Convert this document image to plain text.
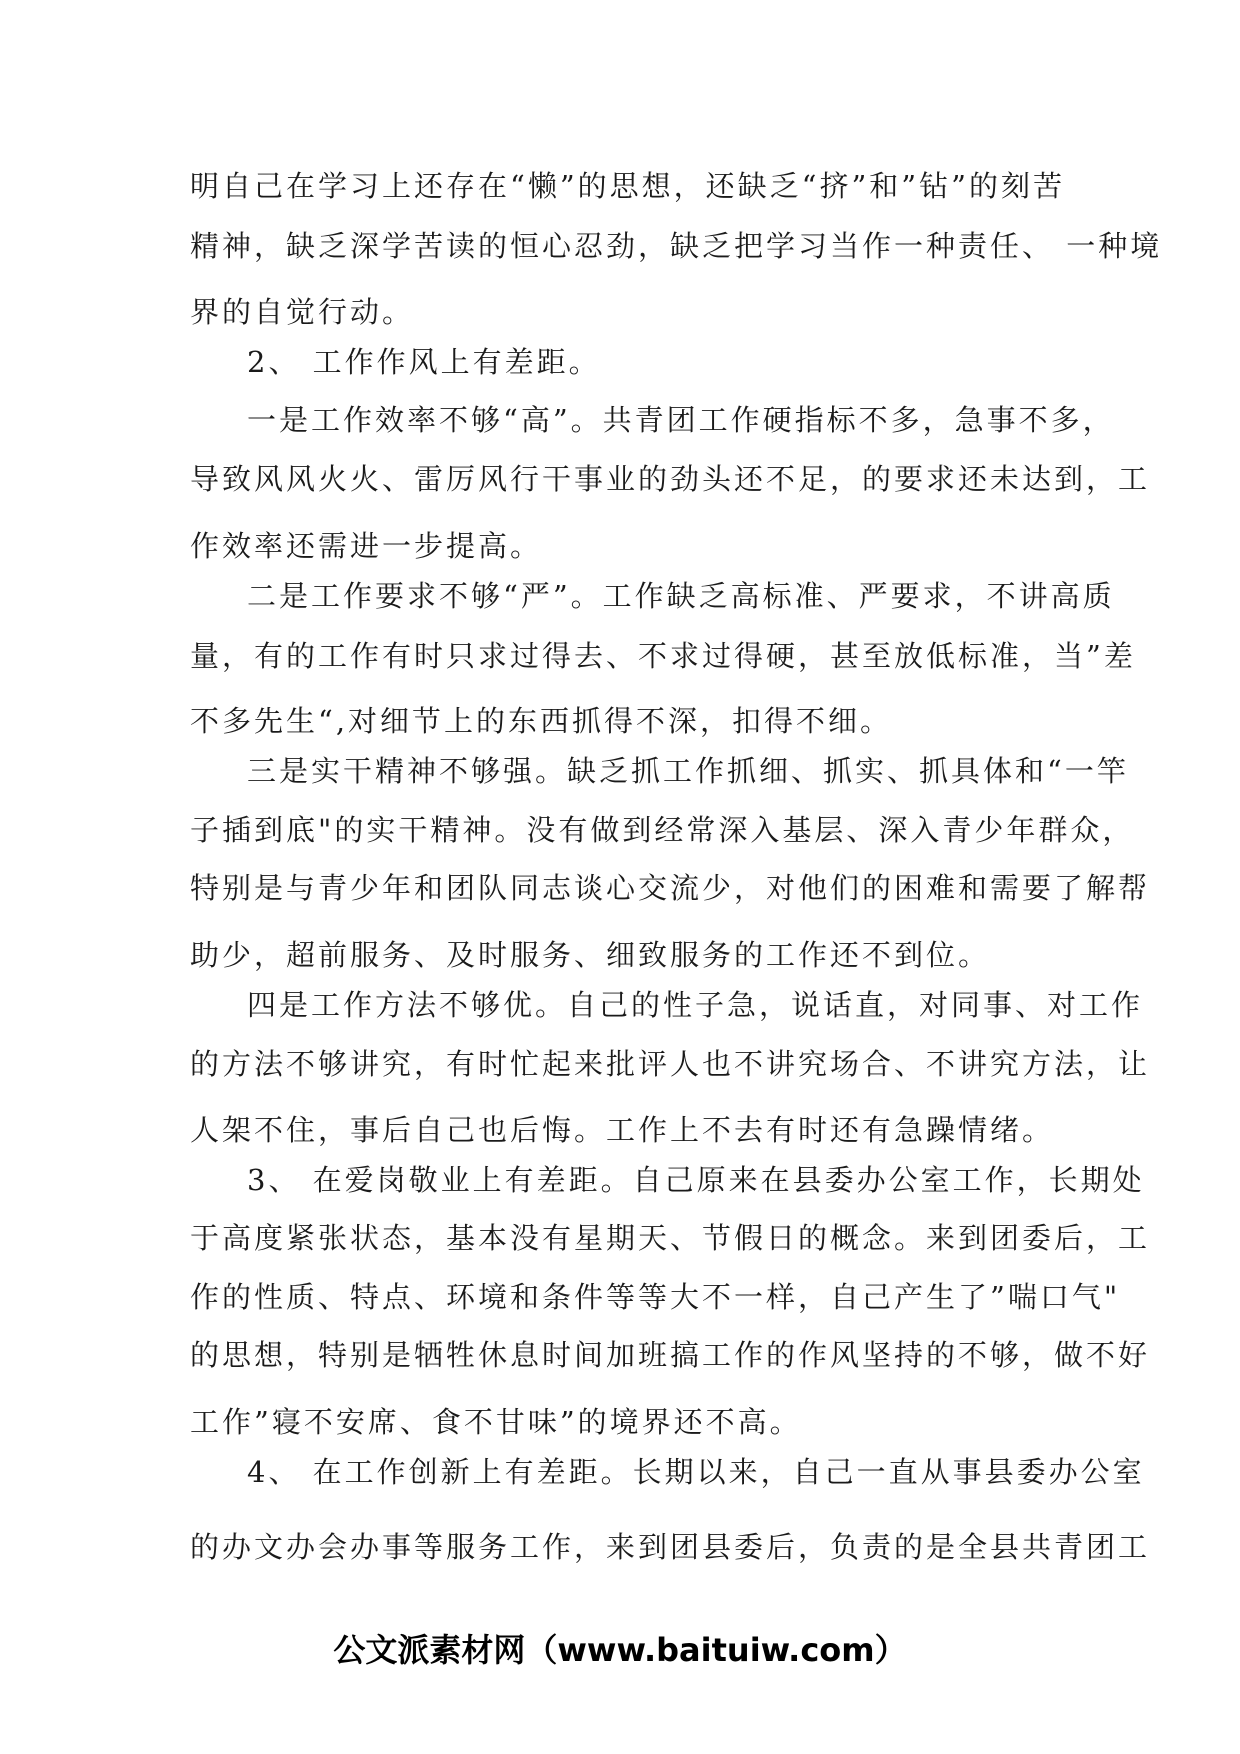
明自己在学习上还存在“懒”的思想，还缺乏“挤”和”钻”的刻苦
精神，缺乏深学苦读的恒心忍劲，缺乏把学习当作一种责任、 一种境
界的自觉行动。
2、 工作作风上有差距。
一是工作效率不够“高”。共青团工作硬指标不多，急事不多，
导致风风火火、雷厉风行干事业的劲头还不足，的要求还未达到，工
作效率还需进一步提高。
二是工作要求不够“严”。工作缺乏高标准、严要求，不讲高质
量，有的工作有时只求过得去、不求过得硬，甚至放低标准，当”差
不多先生“,对细节上的东西抓得不深，扣得不细。
三是实干精神不够强。缺乏抓工作抓细、抓实、抓具体和“一竿
子插到底"的实干精神。没有做到经常深入基层、深入青少年群众，
特别是与青少年和团队同志谈心交流少，对他们的困难和需要了解帮
助少，超前服务、及时服务、细致服务的工作还不到位。
四是工作方法不够优。自己的性子急，说话直，对同事、对工作
的方法不够讲究，有时忙起来批评人也不讲究场合、不讲究方法，让
人架不住，事后自己也后悔。工作上不去有时还有急躁情绪。
3、 在爱岗敬业上有差距。自己原来在县委办公室工作，长期处
于高度紧张状态，基本没有星期天、节假日的概念。来到团委后，工
作的性质、特点、环境和条件等等大不一样，自己产生了”喘口气"
的思想，特别是牺牲休息时间加班搞工作的作风坚持的不够，做不好
工作”寝不安席、食不甘味”的境界还不高。
4、 在工作创新上有差距。长期以来，自己一直从事县委办公室
的办文办会办事等服务工作，来到团县委后，负责的是全县共青团工
公文派素材网（www.baituiw.com）
